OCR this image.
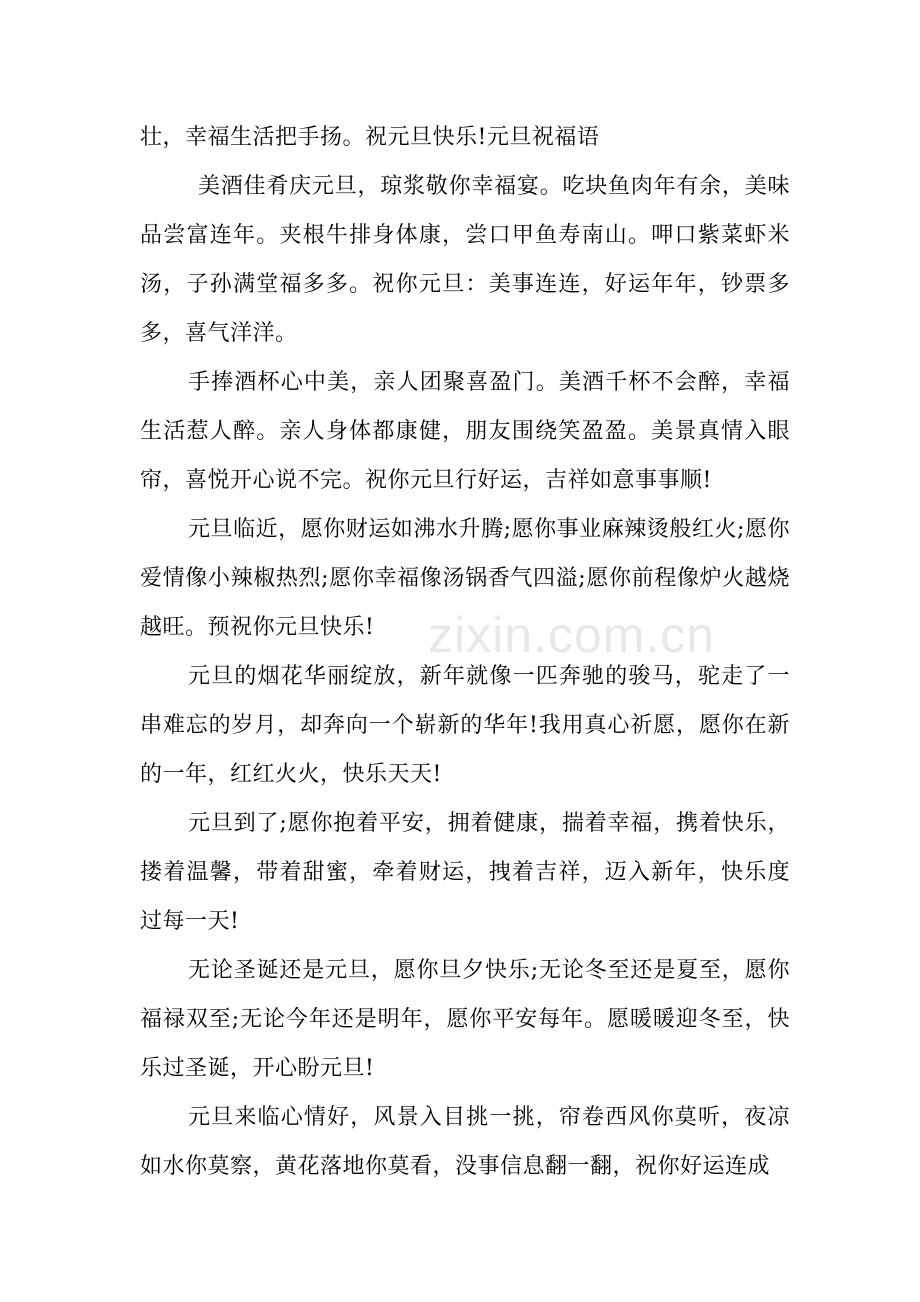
壮，幸福生活把手扬。祝元旦快乐!元旦祝福语

美酒佳肴庆元旦，琼浆敬你幸福宴。吃块鱼肉年有余，美味品尝富连年。夹根牛排身体康，尝口甲鱼寿南山。呷口紫菜虾米汤，子孙满堂福多多。祝你元旦：美事连连，好运年年，钞票多多，喜气洋洋。

手捧酒杯心中美，亲人团聚喜盈门。美酒千杯不会醉，幸福生活惹人醉。亲人身体都康健，朋友围绕笑盈盈。美景真情入眼帘，喜悦开心说不完。祝你元旦行好运，吉祥如意事事顺!

元旦临近，愿你财运如沸水升腾;愿你事业麻辣烫般红火;愿你爱情像小辣椒热烈;愿你幸福像汤锅香气四溢;愿你前程像炉火越烧越旺。预祝你元旦快乐!

元旦的烟花华丽绽放，新年就像一匹奔驰的骏马，驼走了一串难忘的岁月，却奔向一个崭新的华年!我用真心祈愿，愿你在新的一年，红红火火，快乐天天!

元旦到了;愿你抱着平安，拥着健康，揣着幸福，携着快乐，搂着温馨，带着甜蜜，牵着财运，拽着吉祥，迈入新年，快乐度过每一天!

无论圣诞还是元旦，愿你旦夕快乐;无论冬至还是夏至，愿你福禄双至;无论今年还是明年，愿你平安每年。愿暖暖迎冬至，快乐过圣诞，开心盼元旦!

元旦来临心情好，风景入目挑一挑，帘卷西风你莫听，夜凉如水你莫察，黄花落地你莫看，没事信息翻一翻，祝你好运连成

zixin.com.cn
